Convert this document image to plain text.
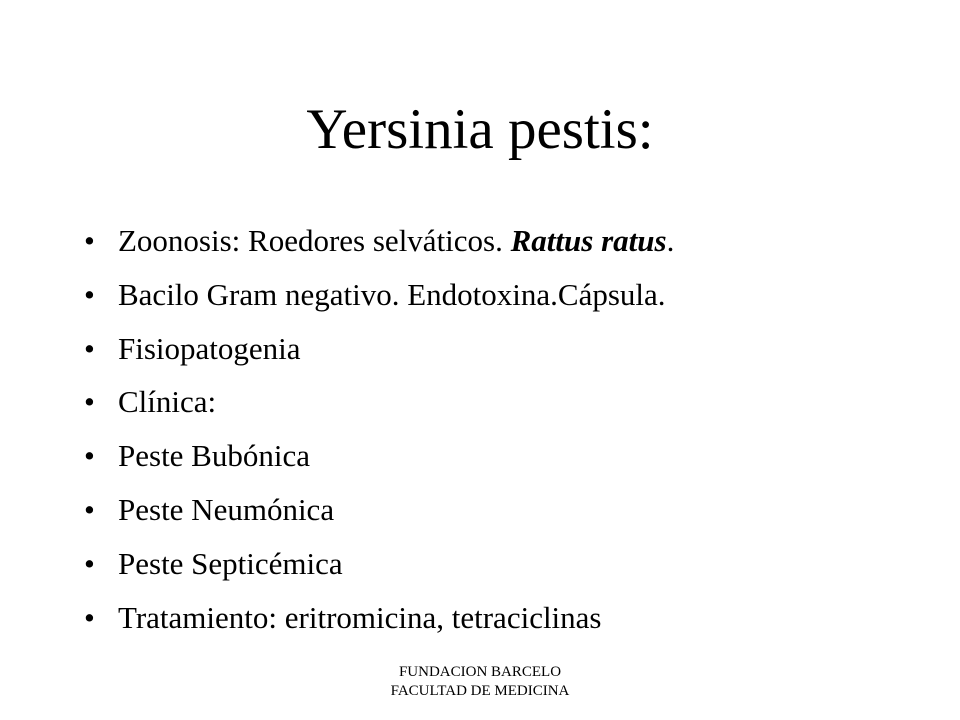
Yersinia pestis:
• Zoonosis: Roedores selváticos. Rattus ratus.
• Bacilo Gram negativo. Endotoxina.Cápsula.
• Fisiopatogenia
• Clínica:
• Peste Bubónica
• Peste Neumónica
• Peste Septicémica
• Tratamiento: eritromicina, tetraciclinas
FUNDACION BARCELO
FACULTAD DE MEDICINA
